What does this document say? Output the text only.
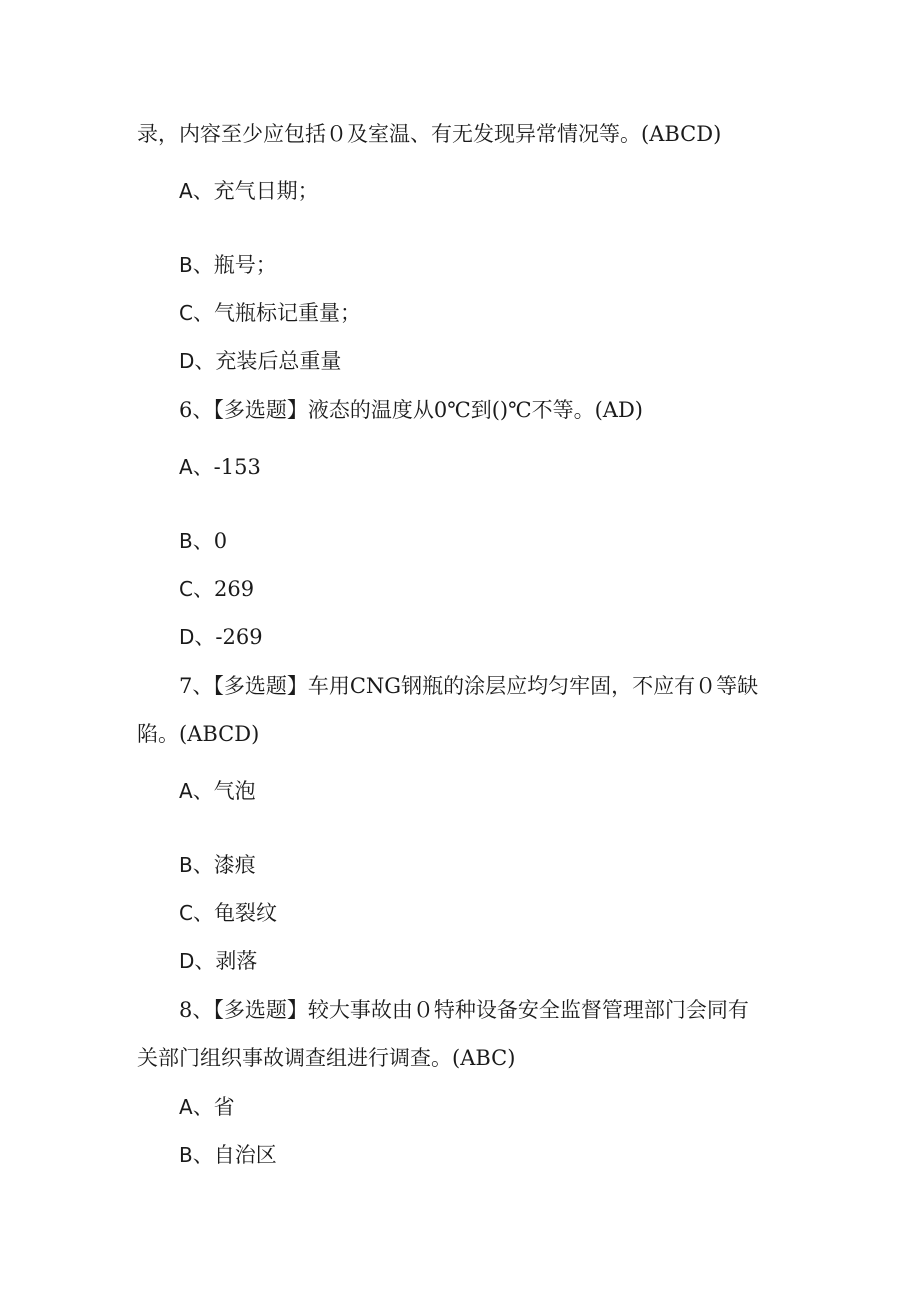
录，内容至少应包括０及室温、有无发现异常情况等。(ABCD)

A、充气日期；

B、瓶号；

C、气瓶标记重量；

D、充装后总重量

6、【多选题】液态的温度从0℃到()℃不等。(AD)

A、-153

B、0

C、269

D、-269

7、【多选题】车用CNG钢瓶的涂层应均匀牢固，不应有０等缺

陷。(ABCD)

A、气泡

B、漆痕

C、龟裂纹

D、剥落

8、【多选题】较大事故由０特种设备安全监督管理部门会同有

关部门组织事故调查组进行调查。(ABC)

A、省

B、自治区
